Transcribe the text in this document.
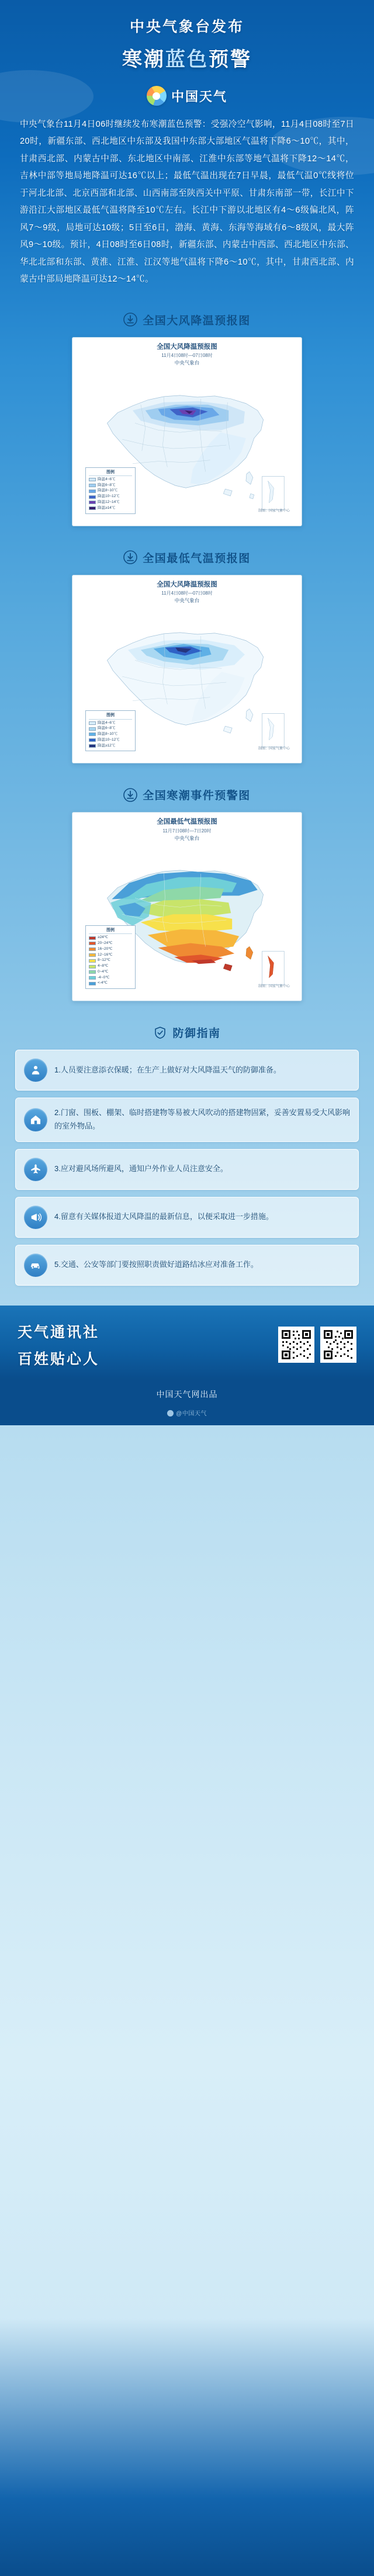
中央气象台发布
寒潮蓝色预警
中国天气
中央气象台11月4日06时继续发布寒潮蓝色预警：受强冷空气影响，11月4日08时至7日20时，新疆东部、西北地区中东部及我国中东部大部地区气温将下降6～10℃，其中，甘肃西北部、内蒙古中部、东北地区中南部、江淮中东部等地气温将下降12～14℃，吉林中部等地局地降温可达16℃以上；最低气温出现在7日早晨，最低气温0℃线将位于河北北部、北京西部和北部、山西南部至陕西关中平原、甘肃东南部一带，长江中下游沿江大部地区最低气温将降至10℃左右。长江中下游以北地区有4～6级偏北风，阵风7～9级，局地可达10级；5日至6日，渤海、黄海、东海等海域有6～8级风，最大阵风9～10级。预计，4日08时至6日08时，新疆东部、内蒙古中西部、西北地区中东部、华北北部和东部、黄淮、江淮、江汉等地气温将下降6～10℃，其中，甘肃西北部、内蒙古中部局地降温可达12～14℃。
全国大风降温预报图
全国大风降温预报图
11月4日08时—07日08时
中央气象台
图例
降温4~6℃
降温6~8℃
降温8~10℃
降温10~12℃
降温12~14℃
降温≥14℃
制图：国家气象中心
全国最低气温预报图
全国大风降温预报图
11月4日08时—07日08时
中央气象台
图例
降温4~6℃
降温6~8℃
降温8~10℃
降温10~12℃
降温≥12℃
制图：国家气象中心
全国寒潮事件预警图
全国最低气温预报图
11月7日08时—7日20时
中央气象台
图例
≥24℃
20~24℃
16~20℃
12~16℃
8~12℃
4~8℃
0~4℃
-4~0℃
<-4℃
制图：国家气象中心
防御指南
1.人员要注意添衣保暖；在生产上做好对大风降温天气的防御准备。
2.门窗、围板、棚架、临时搭建物等易被大风吹动的搭建物固紧，妥善安置易受大风影响的室外物品。
3.应对避风场所避风，通知户外作业人员注意安全。
4.留意有关媒体报道大风降温的最新信息，以便采取进一步措施。
5.交通、公安等部门要按照职责做好道路结冰应对准备工作。
天气通讯社
百姓贴心人
中国天气网出品
@中国天气
